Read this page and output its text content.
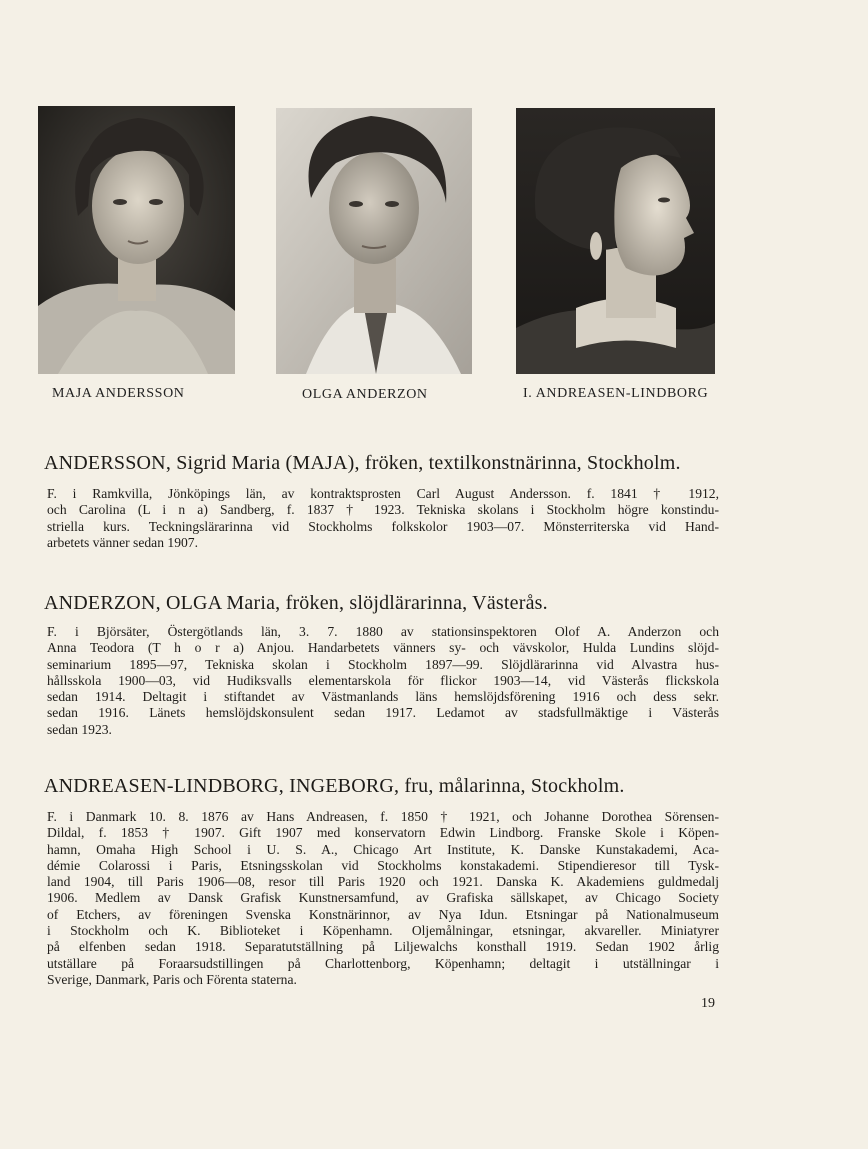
MAJA ANDERSSON	OLGA ANDERZON	I. ANDREASEN-LINDBORG
ANDERSSON, Sigrid Maria (MAJA), fröken, textilkonstnärinna, Stockholm.
F. i Ramkvilla, Jönköpings län, av kontraktsprosten Carl August Andersson. f. 1841 † 1912,
och Carolina (L i n a) Sandberg, f. 1837 † 1923. Tekniska skolans i Stockholm högre konstindu-
striella kurs. Teckningslärarinna vid Stockholms folkskolor 1903—07. Mönsterriterska vid Hand-
arbetets vänner sedan 1907.
ANDERZON, OLGA Maria, fröken, slöjdlärarinna, Västerås.
F. i Björsäter, Östergötlands län, 3. 7. 1880 av stationsinspektoren Olof A. Anderzon och
Anna Teodora (T h o r a) Anjou. Handarbetets vänners sy- och vävskolor, Hulda Lundins slöjd-
seminarium 1895—97, Tekniska skolan i Stockholm 1897—99. Slöjdlärarinna vid Alvastra hus-
hållsskola 1900—03, vid Hudiksvalls elementarskola för flickor 1903—14, vid Västerås flickskola
sedan 1914. Deltagit i stiftandet av Västmanlands läns hemslöjdsförening 1916 och dess sekr.
sedan 1916. Länets hemslöjdskonsulent sedan 1917. Ledamot av stadsfullmäktige i Västerås
sedan 1923.
ANDREASEN-LINDBORG, INGEBORG, fru, målarinna, Stockholm.
F. i Danmark 10. 8. 1876 av Hans Andreasen, f. 1850 † 1921, och Johanne Dorothea Sörensen-
Dildal, f. 1853 † 1907. Gift 1907 med konservatorn Edwin Lindborg. Franske Skole i Köpen-
hamn, Omaha High School i U. S. A., Chicago Art Institute, K. Danske Kunstakademi, Aca-
démie Colarossi i Paris, Etsningsskolan vid Stockholms konstakademi. Stipendieresor till Tysk-
land 1904, till Paris 1906—08, resor till Paris 1920 och 1921. Danska K. Akademiens guldmedalj
1906. Medlem av Dansk Grafisk Kunstnersamfund, av Grafiska sällskapet, av Chicago Society
of Etchers, av föreningen Svenska Konstnärinnor, av Nya Idun. Etsningar på Nationalmuseum
i Stockholm och K. Biblioteket i Köpenhamn. Oljemålningar, etsningar, akvareller. Miniatyrer
på elfenben sedan 1918. Separatutställning på Liljewalchs konsthall 1919. Sedan 1902 årlig
utställare på Foraarsudstillingen på Charlottenborg, Köpenhamn; deltagit i utställningar i
Sverige, Danmark, Paris och Förenta staterna.
19
